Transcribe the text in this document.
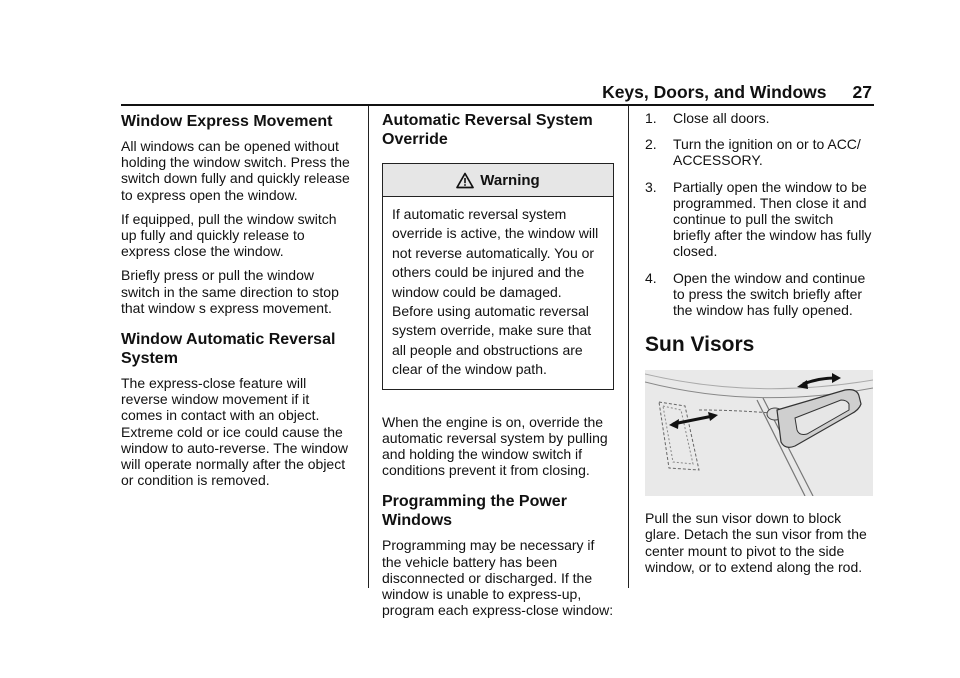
Keys, Doors, and Windows 27
Window Express Movement

All windows can be opened without holding the window switch. Press the switch down fully and quickly release to express open the window.

If equipped, pull the window switch up fully and quickly release to express close the window.

Briefly press or pull the window switch in the same direction to stop that window s express movement.

Window Automatic Reversal System

The express-close feature will reverse window movement if it comes in contact with an object. Extreme cold or ice could cause the window to auto-reverse. The window will operate normally after the object or condition is removed.

Automatic Reversal System Override
Warning
If automatic reversal system override is active, the window will not reverse automatically. You or others could be injured and the window could be damaged. Before using automatic reversal system override, make sure that all people and obstructions are clear of the window path.

When the engine is on, override the automatic reversal system by pulling and holding the window switch if conditions prevent it from closing.

Programming the Power Windows

Programming may be necessary if the vehicle battery has been disconnected or discharged. If the window is unable to express-up, program each express-close window:

1. Close all doors.
2. Turn the ignition on or to ACC/ ACCESSORY.
3. Partially open the window to be programmed. Then close it and continue to pull the switch briefly after the window has fully closed.
4. Open the window and continue to press the switch briefly after the window has fully opened.
Sun Visors

Pull the sun visor down to block glare. Detach the sun visor from the center mount to pivot to the side window, or to extend along the rod.
